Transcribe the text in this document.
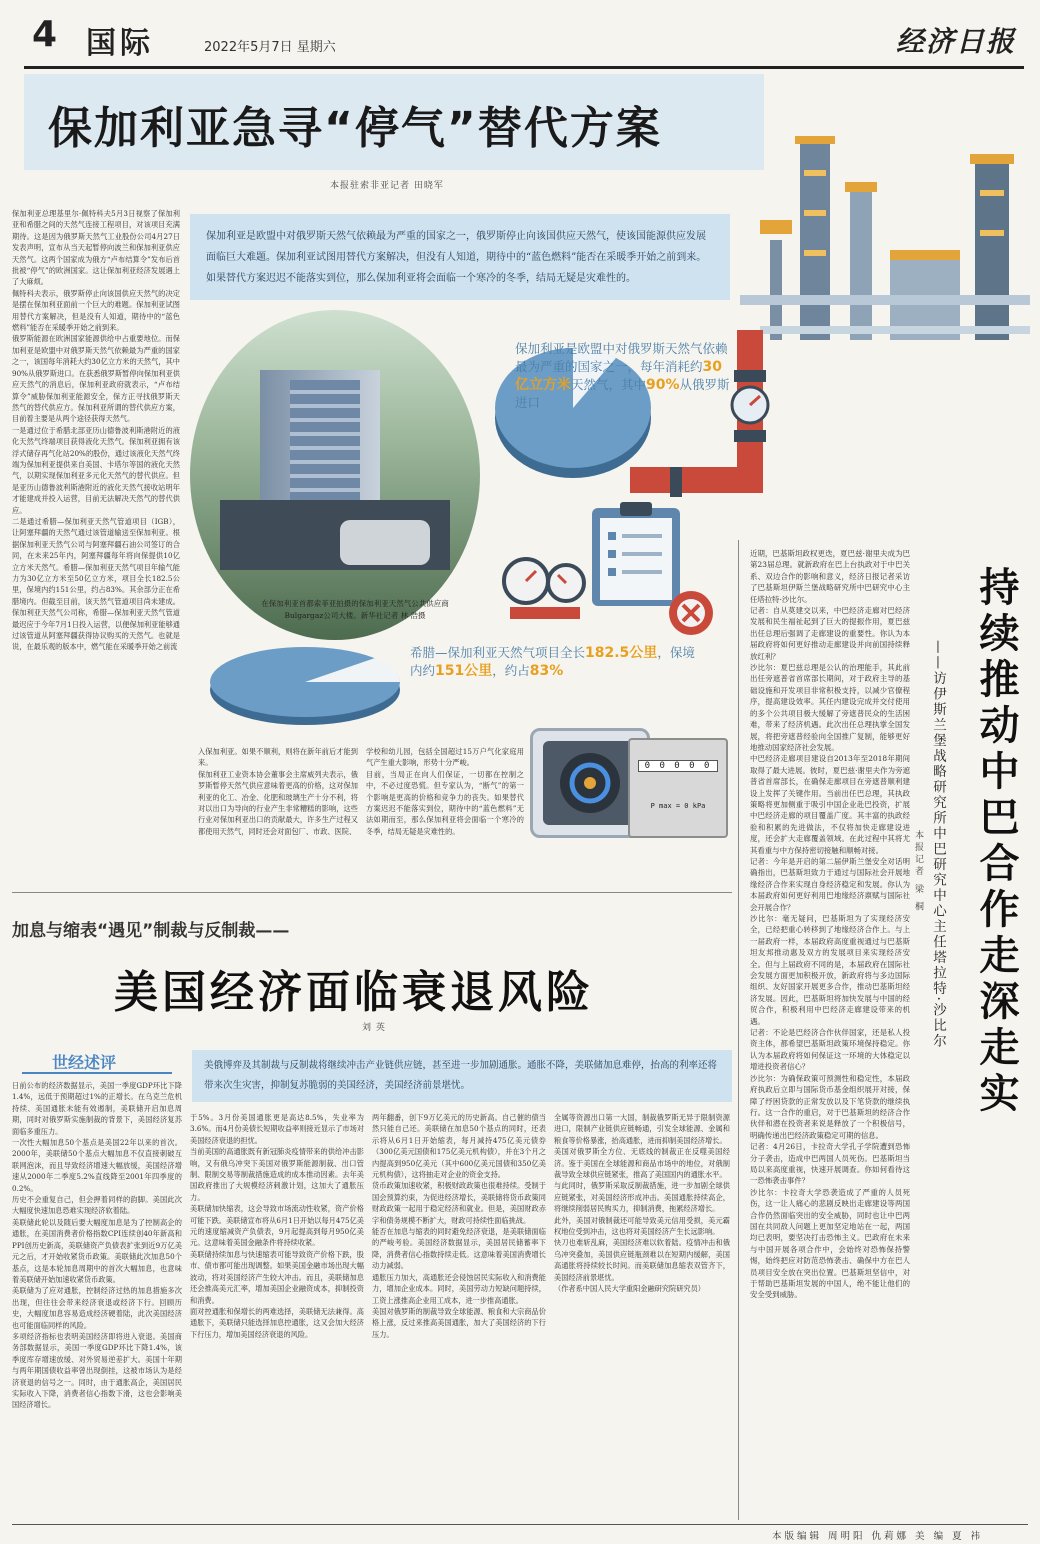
4 国际	2022年5月7日 星期六	经济日报
保加利亚急寻“停气”替代方案
本报驻索非亚记者 田晓军
保加利亚是欧盟中对俄罗斯天然气依赖最为严重的国家之一，每年消耗约30亿立方米天然气，其中90%从俄罗斯进口
保加利亚是欧盟中对俄罗斯天然气依赖最为严重的国家之一，俄罗斯停止向该国供应天然气，使该国能源供应发展面临巨大难题。保加利亚试图用替代方案解决，但没有人知道，期待中的“蓝色燃料”能否在采暖季开始之前到来。如果替代方案迟迟不能落实到位，那么保加利亚将会面临一个寒冷的冬季，结局无疑是灾难性的。
在保加利亚首都索菲亚拍摄的保加利亚天然气公共供应商Bulgargaz公司大楼。新华社记者 林 浩摄
希腊—保加利亚天然气项目全长182.5公里，保境内约151公里，约占83%
0 0 0 0 0
P max = 0 kPa
保加利亚总理基里尔·佩特科夫5月3日视察了保加利亚和希腊之间的天然气连接工程项目，对该项目充满期待。这是因为俄罗斯天然气工业股份公司4月27日发表声明，宣布从当天起暂停向波兰和保加利亚供应天然气。这两个国家成为俄方“卢布结算令”发布后首批被“停气”的欧洲国家。这让保加利亚经济发展遇上了大麻烦。
佩特科夫表示，俄罗斯停止向该国供应天然气的决定是摆在保加利亚面前一个巨大的难题。保加利亚试图用替代方案解决，但是没有人知道，期待中的“蓝色燃料”能否在采暖季开始之前到来。
俄罗斯能源在欧洲国家能源供给中占重要地位。而保加利亚是欧盟中对俄罗斯天然气依赖最为严重的国家之一，该国每年消耗大约30亿立方米的天然气，其中90%从俄罗斯进口。在获悉俄罗斯暂停向保加利亚供应天然气的消息后，保加利亚政府就表示，“卢布结算令”威胁保加利亚能源安全，保方正寻找俄罗斯天然气的替代供应方。保加利亚所谓的替代供应方案，目前着主要是从两个途径获得天然气。
一是通过位于希腊北部亚历山德鲁波利斯港附近的液化天然气终端项目获得液化天然气。保加利亚拥有该浮式储存再气化站20%的股份，通过该液化天然气终端为保加利亚提供来自美国、卡塔尔等国的液化天然气，以期实现保加利亚多元化天然气的替代供应。但是亚历山德鲁波利斯港附近的液化天然气接收站明年才能建成并投入运营，目前无法解决天然气的替代供应。
二是通过希腊—保加利亚天然气管道项目（IGB），让阿塞拜疆的天然气通过该管道输送至保加利亚。根据保加利亚天然气公司与阿塞拜疆石油公司签订的合同，在未来25年内，阿塞拜疆每年将向保提供10亿立方米天然气。希腊—保加利亚天然气项目年输气能力为30亿立方米至50亿立方米，项目全长182.5公里，保境内约151公里，约占83%。其余部分正在希腊境内。但截至目前，该天然气管道项目尚未建成。保加利亚天然气公司称，希腊—保加利亚天然气管道最迟应于今年7月1日投入运营，以便保加利亚能够通过该管道从阿塞拜疆获得协议购买的天然气。也就是说，在最乐观的版本中，燃气能在采暖季开始之前流
入保加利亚。如果不顺利，则将在新年前后才能到来。
保加利亚工业资本协会董事会主席威列夫表示，俄罗斯暂停天然气供应意味着更高的价格，这对保加利亚的化工、冶金、化肥和玻璃生产十分不利，将对以出口为导向的行业产生非常糟糕的影响，这些行业对保加利亚出口的贡献最大，许多生产过程又都使用天然气，同时还会对面包厂、市政、医院、
学校和幼儿园，包括全国超过15万户气化家庭用气产生重大影响，形势十分严峻。
目前，当局正在向人们保证，一切都在控制之中，不必过度恐慌。但专家认为，“断气”的第一个影响是更高的价格和竞争力的丧失。如果替代方案迟迟不能落实到位，期待中的“蓝色燃料”无法如期而至，那么保加利亚将会面临一个寒冷的冬季，结局无疑是灾难性的。
加息与缩表“遇见”制裁与反制裁——
美国经济面临衰退风险
刘 英
世经述评	美俄博弈及其制裁与反制裁将继续冲击产业链供应链，甚至进一步加剧通胀。通胀不降，美联储加息难停，抬高的利率还将带来次生灾害，抑制复苏脆弱的美国经济，美国经济前景堪忧。
日前公布的经济数据显示，美国一季度GDP环比下降1.4%，远低于预期超过1%的正增长。在乌克兰危机持续、美国通胀未能有效遏制，美联储开启加息周期，同时对俄罗斯实施制裁的背景下，美国经济复苏面临多重压力。
一次性大幅加息50个基点是美国22年以来的首次。2000年，美联储50个基点大幅加息不仅直接刺破互联网泡沫，而且导致经济增速大幅放缓，美国经济增速从2000年二季度5.2%直线降至2001年四季度的0.2%。
历史不会重复自己，但会押着同样的韵脚。美国此次大幅度快速加息恐难实现经济软着陆。
美联储此轮以及随后要大幅度加息是为了控制高企的通胀，在美国消费者价格指数CPI连续创40年新高和PPI创历史新高，美联储资产负债表扩张到近9万亿美元之后，才开始收紧货币政策。美联储此次加息50个基点，这是本轮加息周期中的首次大幅加息，也意味着美联储开始加速收紧货币政策。
美联储为了应对通胀，控制经济过热的加息措施多次出现，但往往会带来经济衰退或经济下行。回顾历史，大幅度加息容易造成经济硬着陆，此次美国经济也可能面临同样的风险。
多项经济指标也表明美国经济即将进入衰退。美国商务部数据显示，美国一季度GDP环比下降1.4%，该季度库存增速放缓、对外贸易逆差扩大。美国十年期与两年期国债收益率曾出现倒挂，这被市场认为是经济衰退的信号之一。同时，由于通胀高企，美国居民实际收入下降，消费者信心指数下滑，这也会影响美国经济增长。
于5%。3月份美国通胀更是高达8.5%，失业率为3.6%。而4月份美债长短期收益率则接近显示了市场对美国经济衰退的担忧。
当前美国的高通胀既有新冠肺炎疫情带来的供给冲击影响，又有俄乌冲突下美国对俄罗斯能源制裁、出口管制、限制交易等制裁措施造成的成本推动因素。去年美国政府推出了大规模经济刺激计划，这加大了通胀压力。
美联储加快缩表，这会导致市场流动性收紧，资产价格可能下跌。美联储宣布将从6月1日开始以每月475亿美元的速度缩减资产负债表，9月起提高到每月950亿美元。这意味着美国金融条件将持续收紧。
美联储持续加息与快速缩表可能导致资产价格下跌，股市、债市都可能出现调整。如果美国金融市场出现大幅波动，将对美国经济产生较大冲击。而且，美联储加息还会推高美元汇率，增加美国企业融资成本，抑制投资和消费。
面对控通胀和保增长的两难选择，美联储无法兼得。高通胀下，美联储只能选择加息控通胀，这又会加大经济下行压力，增加美国经济衰退的风险。
两年翻番，创下9万亿美元的历史新高。自己催的债当然只能自己还。美联储在加息50个基点的同时，还表示将从6月1日开始缩表，每月减持475亿美元债券（300亿美元国债和175亿美元机构债），并在3个月之内提高到950亿美元（其中600亿美元国债和350亿美元机构债），这将抽走对企业的资金支持。
货币政策加速收紧，积极财政政策也很难持续。受制于国会预算约束，为促进经济增长，美联储将货币政策同财政政策一起用于稳定经济和就业。但是，美国财政赤字和债务规模不断扩大，财政可持续性面临挑战。
能否在加息与缩表的同时避免经济衰退，是美联储面临的严峻考验。美国经济数据显示，美国居民储蓄率下降，消费者信心指数持续走低。这意味着美国消费增长动力减弱。
通胀压力加大，高通胀还会侵蚀居民实际收入和消费能力，增加企业成本。同时，美国劳动力短缺问题持续，工资上涨推高企业用工成本，进一步推高通胀。
美国对俄罗斯的制裁导致全球能源、粮食和大宗商品价格上涨，反过来推高美国通胀，加大了美国经济的下行压力。
全属等资源出口第一大国，制裁俄罗斯无异于限制资源进口，限制产业链供应链畅通，引发全球能源、金属和粮食等价格暴涨，抬高通胀，进而抑制美国经济增长。
美国对俄罗斯全方位、无底线的制裁正在反噬美国经济。鉴于美国在全球能源和商品市场中的地位，对俄制裁导致全球供应链紧张，推高了美国国内的通胀水平。
与此同时，俄罗斯采取反制裁措施，进一步加剧全球供应链紧张，对美国经济形成冲击。美国通胀持续高企，将继续削弱居民购买力，抑制消费，拖累经济增长。
此外，美国对俄制裁还可能导致美元信用受损，美元霸权地位受到冲击，这也将对美国经济产生长远影响。
快刀也难斩乱麻，美国经济难以软着陆。疫情冲击和俄乌冲突叠加，美国供应链瓶颈难以在短期内缓解，美国高通胀将持续较长时间。而美联储加息缩表双管齐下，美国经济前景堪忧。
（作者系中国人民大学重阳金融研究院研究员）
近期，巴基斯坦政权更迭，夏巴兹·谢里夫成为巴第23届总理。就新政府在巴上台执政对于中巴关系、双边合作的影响和意义，经济日报记者采访了巴基斯坦伊斯兰堡战略研究所中巴研究中心主任塔拉特·沙比尔。
记者：自从莫建交以来，中巴经济走廊对巴经济发展和民生福祉起到了巨大的提振作用，夏巴兹出任总理后强调了走廊建设的重要性。你认为本届政府将如何更好推动走廊建设并向前国持续释放红利？
沙比尔：夏巴兹总理是公认的治理能手，其此前出任旁遮普省首席部长期间，对于政府主导的基础设施和开发项目非常积极支持，以减少官僚程序，提高建设效率。其任内建设完成并交付使用的多个公共项目极大缓解了旁遮普民众的生活困难，带来了经济机遇。此次出任总理执掌全国发展，将把旁遮普经验向全国推广复制，能够更好地推动国家经济社会发展。
中巴经济走廊项目建设自2013年至2018年期间取得了最大进展。彼时，夏巴兹·谢里夫作为旁遮普省首席部长，在确保走廊项目在旁遮普顺利建设上发挥了关键作用。当前出任巴总理，其执政策略将更加侧重于吸引中国企业赴巴投资，扩展中巴经济走廊的项目覆盖广度。其丰富的执政经验和积累的先进做法，不仅将加快走廊建设进度，还会扩大走廊覆盖领域。在此过程中其将尤其看重与中方保持密切接触和顺畅对接。
记者：今年是开启的第二届伊斯兰堡安全对话明确指出，巴基斯坦致力于通过与国际社会开展地缘经济合作来实现自身经济稳定和发展。你认为本届政府如何更好利用巴地缘经济禀赋与国际社会开展合作？
沙比尔：毫无疑问，巴基斯坦为了实现经济安全，已经把重心转移到了地缘经济合作上。与上一届政府一样，本届政府高度重视通过与巴基斯坦友邦推动惠及双方的发展项目来实现经济安全。但与上届政府不同的是，本届政府在国际社会发展方面更加积极开放，新政府将与多边国际组织、友好国家开展更多合作，推动巴基斯坦经济发展。因此，巴基斯坦将加快发展与中国的经贸合作，积极利用中巴经济走廊建设带来的机遇。
记者：不论是巴经济合作伙伴国家，还是私人投资主体，都希望巴基斯坦政策环境保持稳定。你认为本届政府将如何保证这一环境的大体稳定以增进投资者信心？
沙比尔：为确保政策可预测性和稳定性，本届政府执政后立即与国际货币基金组织展开对接，保障了纾困贷款的正常发放以及下笔贷款的继续执行。这一合作的重启，对于巴基斯坦的经济合作伙伴和潜在投资者来说是释放了一个积极信号，明确传递出巴经济政策稳定可期的信息。
记者：4月26日，卡拉奇大学孔子学院遭到恐怖分子袭击，造成中巴两国人员死伤。巴基斯坦当局以来高度重视，快速开展调查。你如何看待这一恐怖袭击事件？
沙比尔：卡拉奇大学恐袭造成了严重的人员死伤，这一让人痛心的悲剧反映出走廊建设等两国合作仍然面临突出的安全威胁，同时也让中巴两国在共同敌人问题上更加坚定地站在一起，两国均已表明，要坚决打击恐怖主义。巴政府在未来与中国开展各项合作中，会始终对恐怖保持警惕，始终把应对防范恐怖袭击、确保中方在巴人员项目安全放在突出位置。巴基斯坦坚信中，对于帮助巴基斯坦发展的中国人，绝不能让他们的安全受到威胁。
持续推动中巴合作走深走实
——访伊斯兰堡战略研究所中巴研究中心主任塔拉特·沙比尔
本报记者 梁 桐
本版编辑 周明阳 仇莉娜 美 编 夏 祎
